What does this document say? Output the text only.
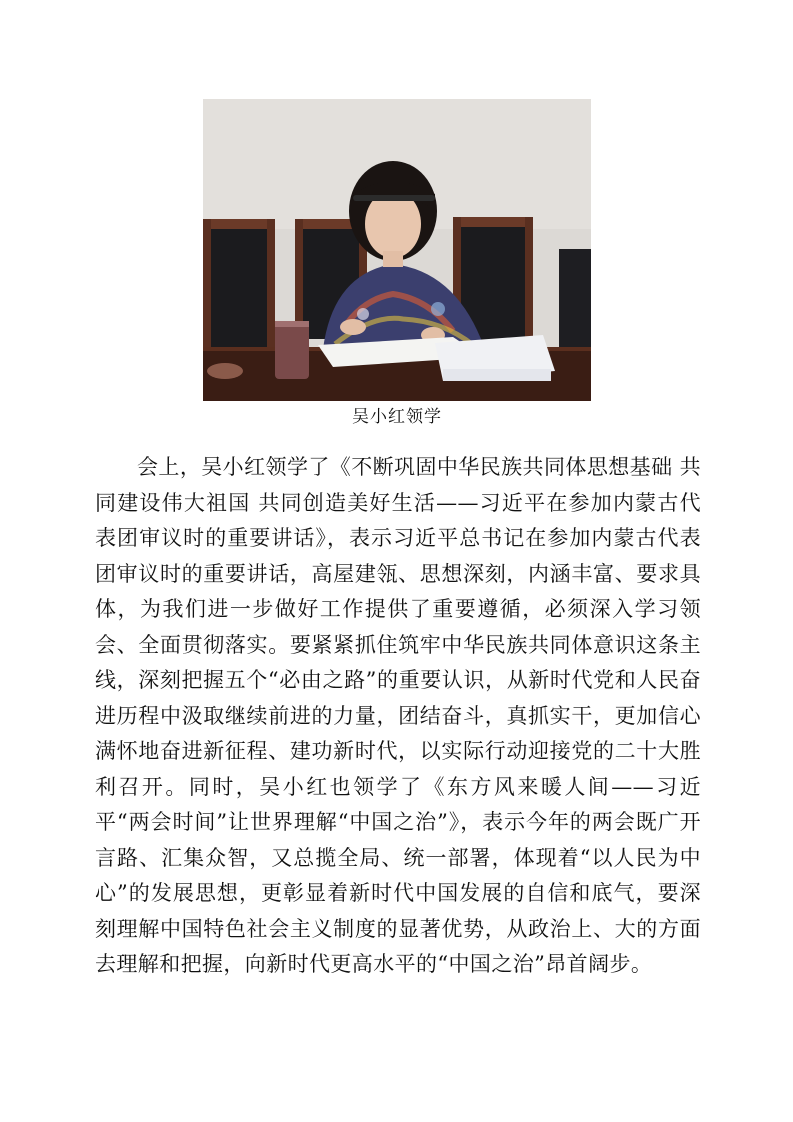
吴小红领学

会上，吴小红领学了《不断巩固中华民族共同体思想基础 共同建设伟大祖国 共同创造美好生活——习近平在参加内蒙古代表团审议时的重要讲话》，表示习近平总书记在参加内蒙古代表团审议时的重要讲话，高屋建瓴、思想深刻，内涵丰富、要求具体，为我们进一步做好工作提供了重要遵循，必须深入学习领会、全面贯彻落实。要紧紧抓住筑牢中华民族共同体意识这条主线，深刻把握五个“必由之路”的重要认识，从新时代党和人民奋进历程中汲取继续前进的力量，团结奋斗，真抓实干，更加信心满怀地奋进新征程、建功新时代，以实际行动迎接党的二十大胜利召开。同时，吴小红也领学了《东方风来暖人间——习近平“两会时间”让世界理解“中国之治”》，表示今年的两会既广开言路、汇集众智，又总揽全局、统一部署，体现着“以人民为中心”的发展思想，更彰显着新时代中国发展的自信和底气，要深刻理解中国特色社会主义制度的显著优势，从政治上、大的方面去理解和把握，向新时代更高水平的“中国之治”昂首阔步。
